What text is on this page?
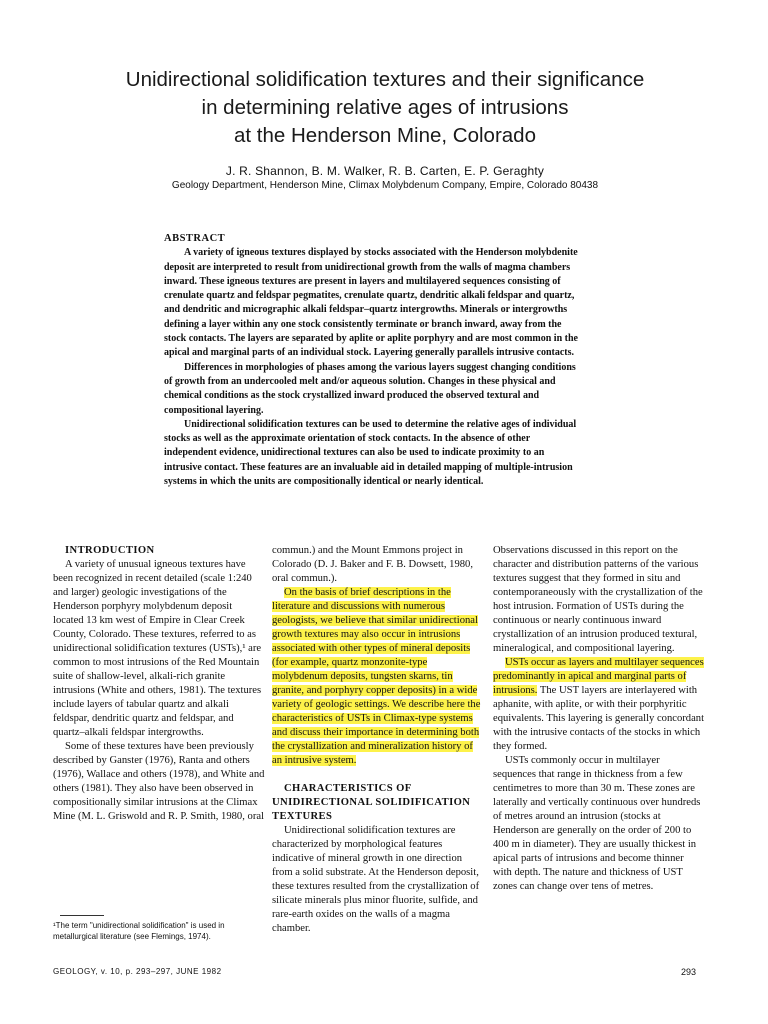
Unidirectional solidification textures and their significance
in determining relative ages of intrusions
at the Henderson Mine, Colorado
J. R. Shannon, B. M. Walker, R. B. Carten, E. P. Geraghty
Geology Department, Henderson Mine, Climax Molybdenum Company, Empire, Colorado 80438
ABSTRACT

A variety of igneous textures displayed by stocks associated with the Henderson molybdenite deposit are interpreted to result from unidirectional growth from the walls of magma chambers inward. These igneous textures are present in layers and multilayered sequences consisting of crenulate quartz and feldspar pegmatites, crenulate quartz, dendritic alkali feldspar and quartz, and dendritic and micrographic alkali feldspar–quartz intergrowths. Minerals or intergrowths defining a layer within any one stock consistently terminate or branch inward, away from the stock contacts. The layers are separated by aplite or aplite porphyry and are most common in the apical and marginal parts of an individual stock. Layering generally parallels intrusive contacts.

Differences in morphologies of phases among the various layers suggest changing conditions of growth from an undercooled melt and/or aqueous solution. Changes in these physical and chemical conditions as the stock crystallized inward produced the observed textural and compositional layering.

Unidirectional solidification textures can be used to determine the relative ages of individual stocks as well as the approximate orientation of stock contacts. In the absence of other independent evidence, unidirectional textures can also be used to indicate proximity to an intrusive contact. These features are an invaluable aid in detailed mapping of multiple-intrusion systems in which the units are compositionally identical or nearly identical.

INTRODUCTION

A variety of unusual igneous textures have been recognized in recent detailed (scale 1:240 and larger) geologic investigations of the Henderson porphyry molybdenum deposit located 13 km west of Empire in Clear Creek County, Colorado. These textures, referred to as unidirectional solidification textures (USTs),¹ are common to most intrusions of the Red Mountain suite of shallow-level, alkali-rich granite intrusions (White and others, 1981). The textures include layers of tabular quartz and alkali feldspar, dendritic quartz and feldspar, and quartz–alkali feldspar intergrowths.

Some of these textures have been previously described by Ganster (1976), Ranta and others (1976), Wallace and others (1978), and White and others (1981). They also have been observed in compositionally similar intrusions at the Climax Mine (M. L. Griswold and R. P. Smith, 1980, oral

¹The term "unidirectional solidification" is used in metallurgical literature (see Flemings, 1974).

commun.) and the Mount Emmons project in Colorado (D. J. Baker and F. B. Dowsett, 1980, oral commun.).

On the basis of brief descriptions in the literature and discussions with numerous geologists, we believe that similar unidirectional growth textures may also occur in intrusions associated with other types of mineral deposits (for example, quartz monzonite-type molybdenum deposits, tungsten skarns, tin granite, and porphyry copper deposits) in a wide variety of geologic settings. We describe here the characteristics of USTs in Climax-type systems and discuss their importance in determining both the crystallization and mineralization history of an intrusive system.

CHARACTERISTICS OF UNIDIRECTIONAL SOLIDIFICATION TEXTURES

Unidirectional solidification textures are characterized by morphological features indicative of mineral growth in one direction from a solid substrate. At the Henderson deposit, these textures resulted from the crystallization of silicate minerals plus minor fluorite, sulfide, and rare-earth oxides on the walls of a magma chamber.

Observations discussed in this report on the character and distribution patterns of the various textures suggest that they formed in situ and contemporaneously with the crystallization of the host intrusion. Formation of USTs during the continuous or nearly continuous inward crystallization of an intrusion produced textural, mineralogical, and compositional layering.

USTs occur as layers and multilayer sequences predominantly in apical and marginal parts of intrusions. The UST layers are interlayered with aphanite, with aplite, or with their porphyritic equivalents. This layering is generally concordant with the intrusive contacts of the stocks in which they formed.

USTs commonly occur in multilayer sequences that range in thickness from a few centimetres to more than 30 m. These zones are laterally and vertically continuous over hundreds of metres around an intrusion (stocks at Henderson are generally on the order of 200 to 400 m in diameter). They are usually thickest in apical parts of intrusions and become thinner with depth. The nature and thickness of UST zones can change over tens of metres.

GEOLOGY, v. 10, p. 293–297, JUNE 1982	293
